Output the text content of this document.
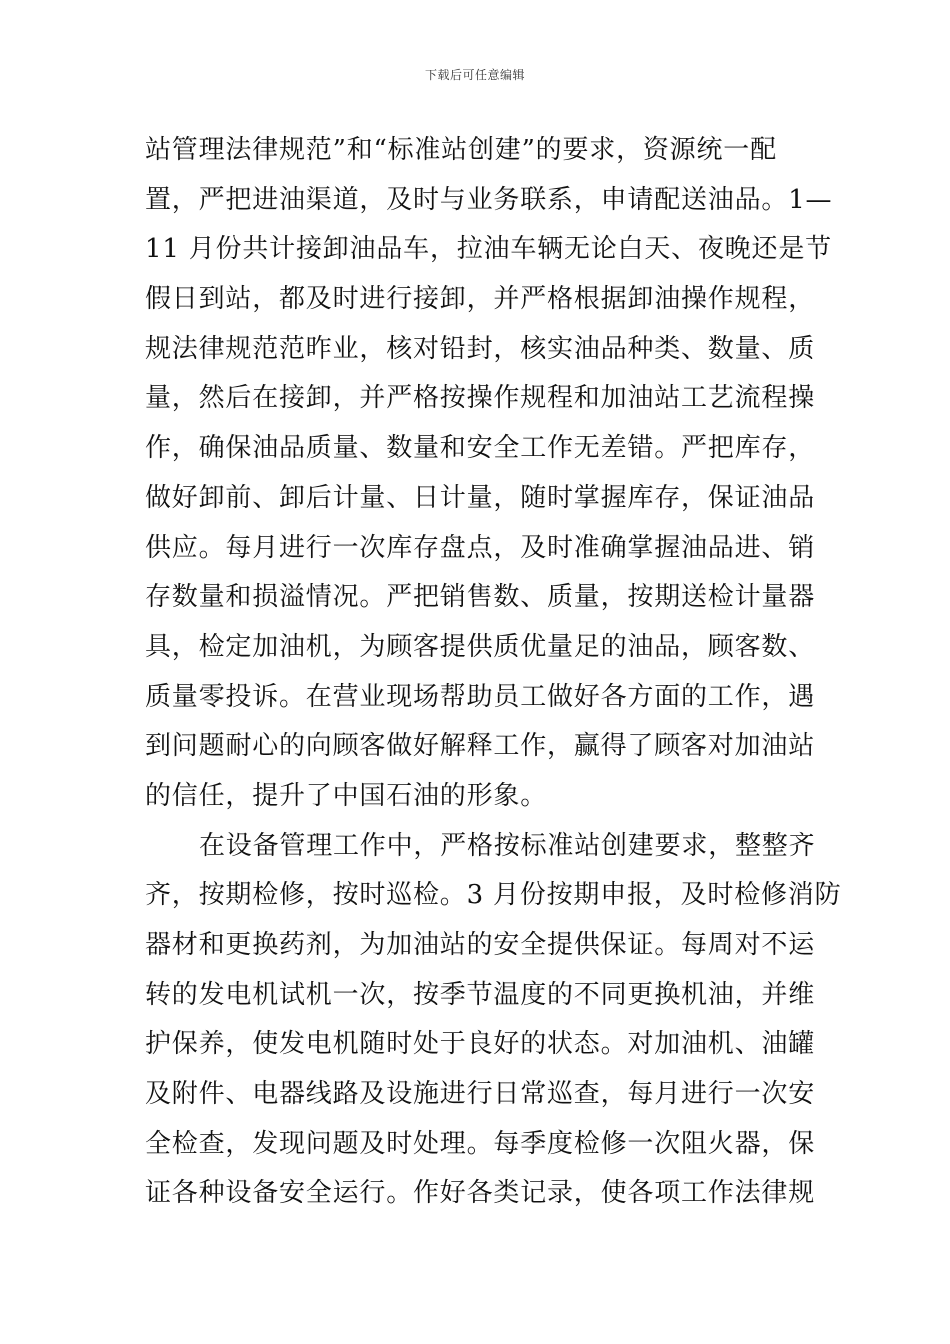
下载后可任意编辑
站管理法律规范”和“标准站创建”的要求，资源统一配
置，严把进油渠道，及时与业务联系，申请配送油品。1—
11 月份共计接卸油品车，拉油车辆无论白天、夜晚还是节
假日到站，都及时进行接卸，并严格根据卸油操作规程，
规法律规范范昨业，核对铅封，核实油品种类、数量、质
量，然后在接卸，并严格按操作规程和加油站工艺流程操
作，确保油品质量、数量和安全工作无差错。严把库存，
做好卸前、卸后计量、日计量，随时掌握库存，保证油品
供应。每月进行一次库存盘点，及时准确掌握油品进、销
存数量和损溢情况。严把销售数、质量，按期送检计量器
具，检定加油机，为顾客提供质优量足的油品，顾客数、
质量零投诉。在营业现场帮助员工做好各方面的工作，遇
到问题耐心的向顾客做好解释工作，赢得了顾客对加油站
的信任，提升了中国石油的形象。
在设备管理工作中，严格按标准站创建要求，整整齐
齐，按期检修，按时巡检。3 月份按期申报，及时检修消防
器材和更换药剂，为加油站的安全提供保证。每周对不运
转的发电机试机一次，按季节温度的不同更换机油，并维
护保养，使发电机随时处于良好的状态。对加油机、油罐
及附件、电器线路及设施进行日常巡查，每月进行一次安
全检查，发现问题及时处理。每季度检修一次阻火器，保
证各种设备安全运行。作好各类记录，使各项工作法律规
